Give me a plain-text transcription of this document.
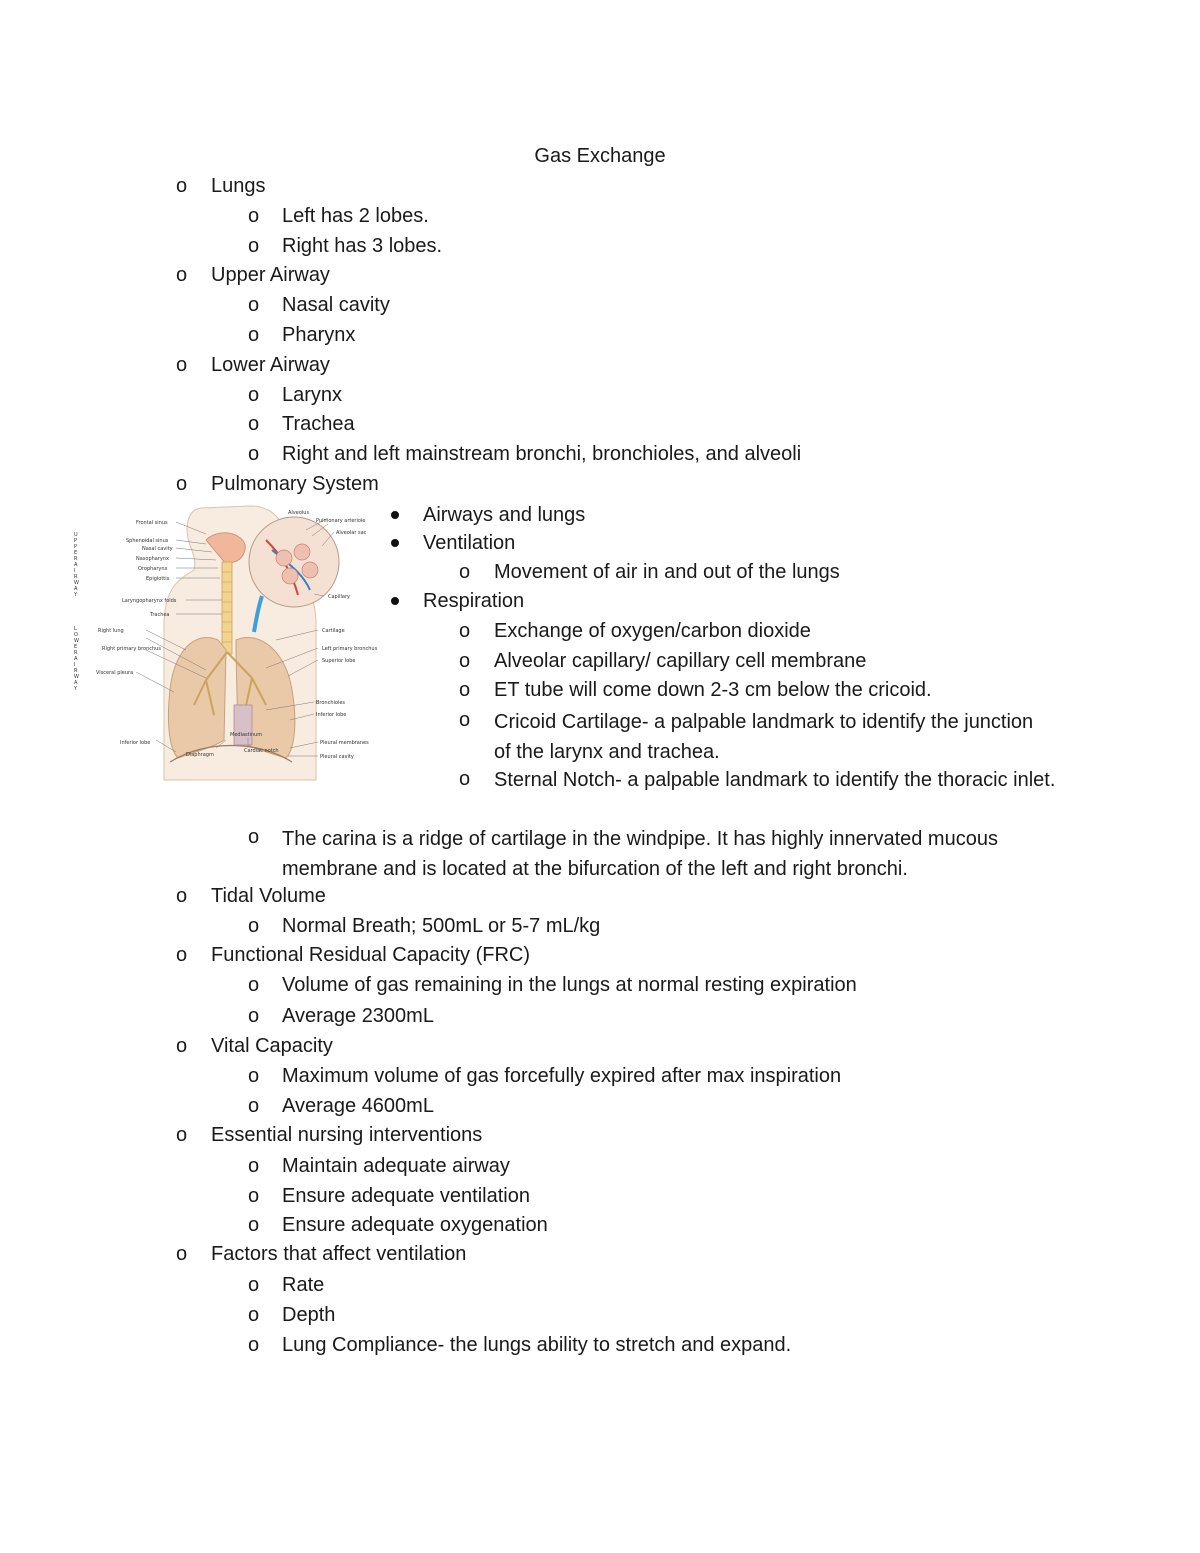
Gas Exchange
o Lungs
o Left has 2 lobes.
o Right has 3 lobes.
o Upper Airway
o Nasal cavity
o Pharynx
o Lower Airway
o Larynx
o Trachea
o Right and left mainstream bronchi, bronchioles, and alveoli
o Pulmonary System
U P P E R A I R W A Y
L O W E R A I R W A Y
Frontal sinus
Sphenoidal sinus
Nasal cavity
Nasopharynx
Oropharynx
Epiglottis
Laryngopharynx folds
Trachea
Right lung
Right primary bronchus
Visceral pleura
Inferior lobe
Diaphragm
Alveolus
Pulmonary arteriole
Alveolar sac
Capillary
Cartilage
Left primary bronchus
Superior lobe
Bronchioles
Inferior lobe
Pleural membranes
Pleural cavity
Mediastinum
Cardiac notch
Airways and lungs
Ventilation
o Movement of air in and out of the lungs
Respiration
o Exchange of oxygen/carbon dioxide
o Alveolar capillary/ capillary cell membrane
o ET tube will come down 2-3 cm below the cricoid.
o Cricoid Cartilage- a palpable landmark to identify the junction of the larynx and trachea.
o Sternal Notch- a palpable landmark to identify the thoracic inlet.
o The carina is a ridge of cartilage in the windpipe. It has highly innervated mucous membrane and is located at the bifurcation of the left and right bronchi.
o Tidal Volume
o Normal Breath; 500mL or 5-7 mL/kg
o Functional Residual Capacity (FRC)
o Volume of gas remaining in the lungs at normal resting expiration
o Average 2300mL
o Vital Capacity
o Maximum volume of gas forcefully expired after max inspiration
o Average 4600mL
o Essential nursing interventions
o Maintain adequate airway
o Ensure adequate ventilation
o Ensure adequate oxygenation
o Factors that affect ventilation
o Rate
o Depth
o Lung Compliance- the lungs ability to stretch and expand.
